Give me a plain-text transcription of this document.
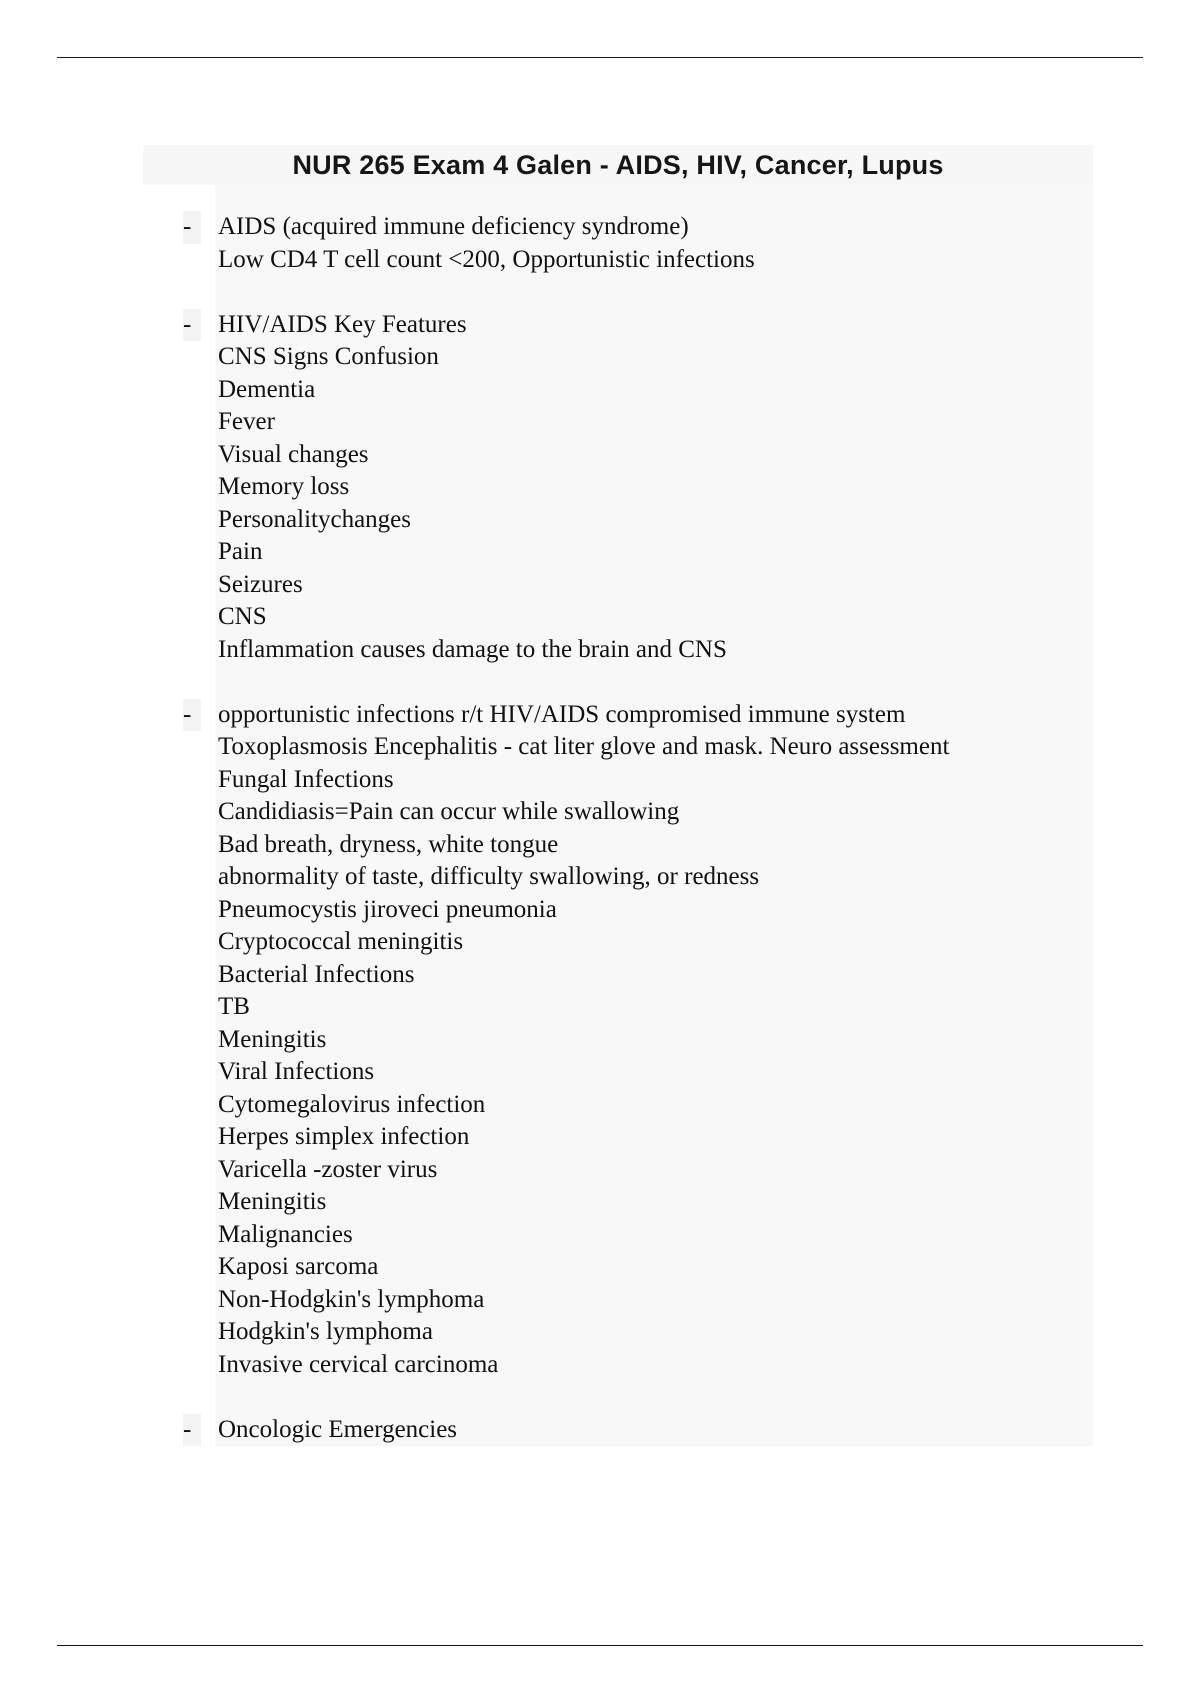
NUR 265 Exam 4 Galen - AIDS, HIV, Cancer, Lupus
-	AIDS (acquired immune deficiency syndrome)
Low CD4 T cell count <200, Opportunistic infections
-	HIV/AIDS Key Features
CNS Signs Confusion
Dementia
Fever
Visual changes
Memory loss
Personalitychanges
Pain
Seizures
CNS
Inflammation causes damage to the brain and CNS
-	opportunistic infections r/t HIV/AIDS compromised immune system
Toxoplasmosis Encephalitis - cat liter glove and mask. Neuro assessment
Fungal Infections
Candidiasis=Pain can occur while swallowing
Bad breath, dryness, white tongue
abnormality of taste, difficulty swallowing, or redness
Pneumocystis jiroveci pneumonia
Cryptococcal meningitis
Bacterial Infections
TB
Meningitis
Viral Infections
Cytomegalovirus infection
Herpes simplex infection
Varicella -zoster virus
Meningitis
Malignancies
Kaposi sarcoma
Non-Hodgkin's lymphoma
Hodgkin's lymphoma
Invasive cervical carcinoma
-	Oncologic Emergencies
